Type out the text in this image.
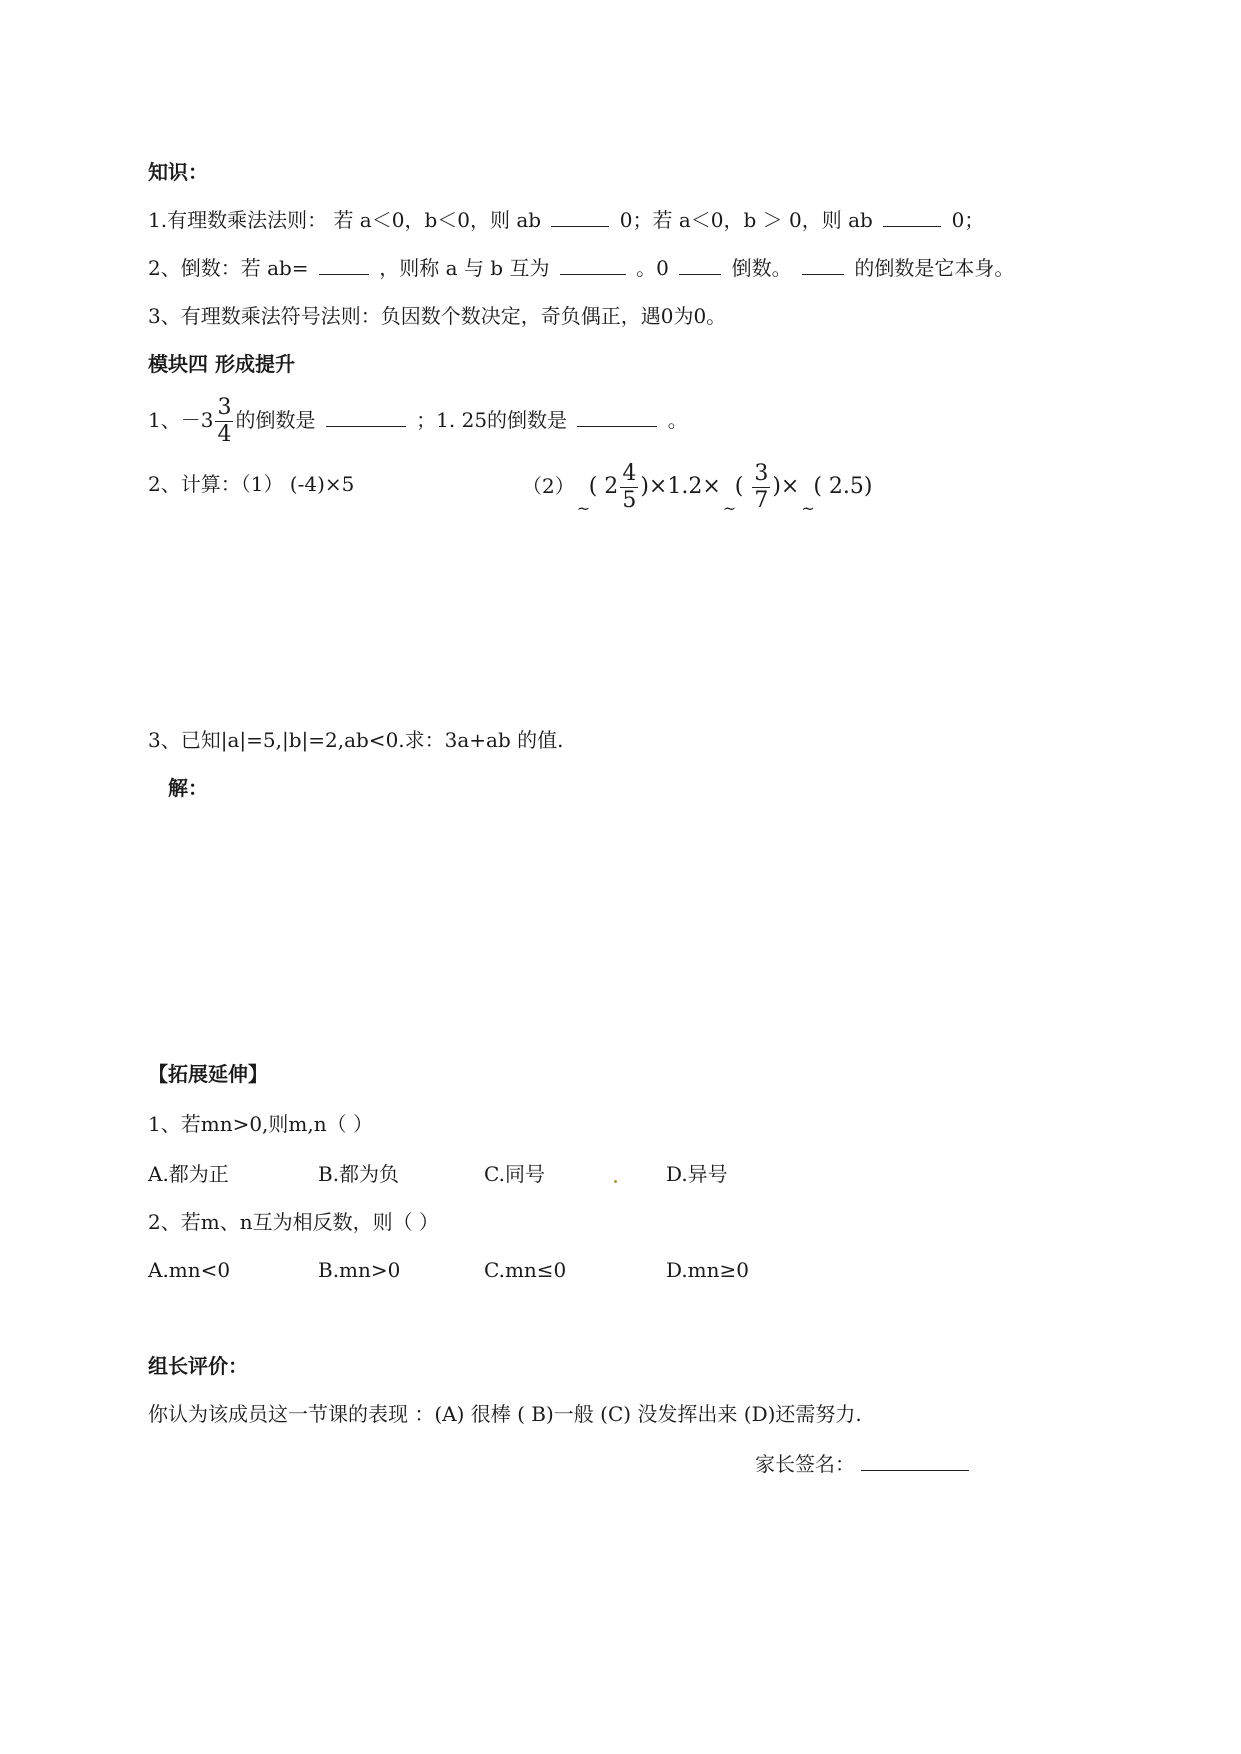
知识：
1.有理数乘法法则： 若 a＜0，b＜0，则 ab	0；若 a＜0，b ＞ 0，则 ab	0；
2、倒数：若 ab=	，则称 a 与 b 互为	。0	倒数。	的倒数是它本身。
3、有理数乘法符号法则：负因数个数决定，奇负偶正，遇0为0。
模块四 形成提升
1、$-3 \frac{3}{4}$ 的倒数是	；1. 25的倒数是	。
2、计算：（1） (-4)×5	（2） ( $2 \frac{4}{5} )\times 1.2\times$ ( $\frac{3}{7}$ )× ( 2.5)
3、已知|a|=5,|b|=2,ab<0.求：3a+ab 的值.
解：
【拓展延伸】
1、若mn>0,则m,n（ ）
A.都为正	B.都为负	C.同号	D.异号
2、若m、n互为相反数，则（ ）
A.mn<0	B.mn>0	C.mn≤0	D.mn≥0
组长评价：
你认为该成员这一节课的表现 ：(A) 很棒 ( B)一般 (C) 没发挥出来 (D)还需努力.
家长签名：
